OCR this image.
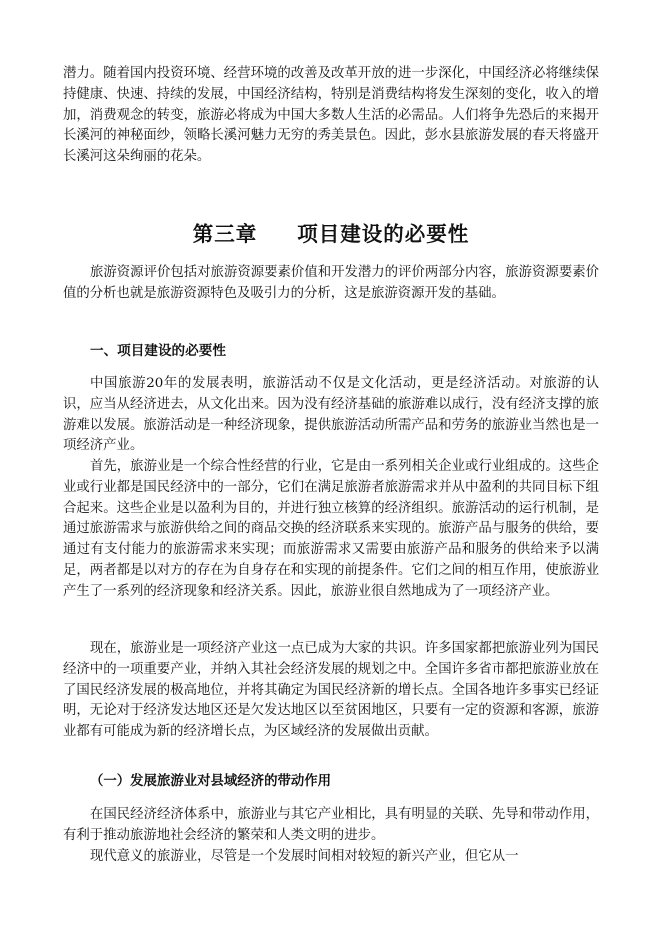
潜力。随着国内投资环境、经营环境的改善及改革开放的进一步深化，中国经济必将继续保持健康、快速、持续的发展，中国经济结构，特别是消费结构将发生深刻的变化，收入的增加，消费观念的转变，旅游必将成为中国大多数人生活的必需品。人们将争先恐后的来揭开长溪河的神秘面纱，领略长溪河魅力无穷的秀美景色。因此，彭水县旅游发展的春天将盛开长溪河这朵绚丽的花朵。

第三章 项目建设的必要性

旅游资源评价包括对旅游资源要素价值和开发潜力的评价两部分内容，旅游资源要素价值的分析也就是旅游资源特色及吸引力的分析，这是旅游资源开发的基础。

一、项目建设的必要性

中国旅游20年的发展表明，旅游活动不仅是文化活动，更是经济活动。对旅游的认识，应当从经济进去，从文化出来。因为没有经济基础的旅游难以成行，没有经济支撑的旅游难以发展。旅游活动是一种经济现象，提供旅游活动所需产品和劳务的旅游业当然也是一项经济产业。

首先，旅游业是一个综合性经营的行业，它是由一系列相关企业或行业组成的。这些企业或行业都是国民经济中的一部分，它们在满足旅游者旅游需求并从中盈利的共同目标下组合起来。这些企业是以盈利为目的，并进行独立核算的经济组织。旅游活动的运行机制，是通过旅游需求与旅游供给之间的商品交换的经济联系来实现的。旅游产品与服务的供给，要通过有支付能力的旅游需求来实现；而旅游需求又需要由旅游产品和服务的供给来予以满足，两者都是以对方的存在为自身存在和实现的前提条件。它们之间的相互作用，使旅游业产生了一系列的经济现象和经济关系。因此，旅游业很自然地成为了一项经济产业。

现在，旅游业是一项经济产业这一点已成为大家的共识。许多国家都把旅游业列为国民经济中的一项重要产业，并纳入其社会经济发展的规划之中。全国许多省市都把旅游业放在了国民经济发展的极高地位，并将其确定为国民经济新的增长点。全国各地许多事实已经证明，无论对于经济发达地区还是欠发达地区以至贫困地区，只要有一定的资源和客源，旅游业都有可能成为新的经济增长点，为区域经济的发展做出贡献。

（一）发展旅游业对县域经济的带动作用

在国民经济经济体系中，旅游业与其它产业相比，具有明显的关联、先导和带动作用，有利于推动旅游地社会经济的繁荣和人类文明的进步。

现代意义的旅游业，尽管是一个发展时间相对较短的新兴产业，但它从一
